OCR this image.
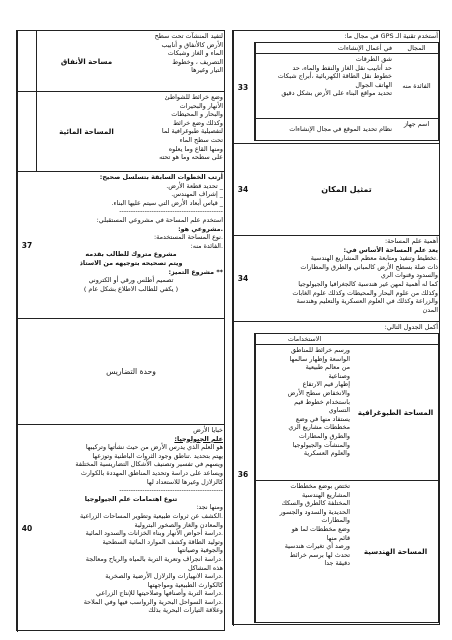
مساحة الأنفاق

لتفيد المنشآت تحت سطح

الأرض كالأنفاق و أنابيب

الماء و الغاز وشبكات

التصريف ، وخطوط

التيار وغيرها

المساحة المائية

وضع خرائط للشواطئ

الأنهار والبحيرات

والبحار و المحيطات

وكذلك وضع خرائط

لتفصيلية طبوغرافية لما

تحت سطح الماء

ومنها القاع وما يعلوه

على سطحه وما هو تحته

37

أرتب الخطوات السابقة بتسلسل صحيح:

_ تحديد قطعة الأرض.

_ إشراف المهندس.

_ قياس أبعاد الأرض التي سيتم عليها البناء.

---------------------------------------------

استخدم علم المساحة في مشروعي المستقبلي:

.مشروعي هو:

.نوع المساحة المستخدمة:

.الفائدة منه:

مشروع متروك للطالب بقدمه

ويتم تصحيحه بتوجيهه من الاستاذ

** مشروع التميز:

تصميم أطلس ورقي أو الكتروني

( يكفي للطالب الاطلاع بشكل عام )

وحدة التضاريس
40

خبايا الأرض

علم الجيولوجيا:

هو العلم الذي يدرس الأرض من حيث نشأتها وتركيبها

يهتم بتحديد .تناطق وجود الثروات الباطنية وتوزعها

ويسهم في تفسير وتصنيف الأشكال التضاريسية المختلفة

ويساعد على دراسة وتحديد المناطق المهددة بالكوارث

كالزلازل وغيرها للاستعداد لها

---------------------------------------------

تنوع اهتمامات علم الجيولوجيا

ومنها نجد:

.الكشف عن ثروات طبيعية وتطوير المساحات الزراعية

والمعادن والغاز والصخور البترولية

.دراسة أحواض الأنهار وبناء الخزانات والسدود المائية

وتوليد الطاقة وكشف الموارد المائية السطحية

والجوفية وصيانتها

.دراسة انجراف وتعرية التربة بالمياه والرياح ومعالجة

هذه المشاكل

.دراسة الانهيارات والزلازل الأرضية والصخرية

كالكوارث الطبيعية ومواجهتها

.دراسة التربة وأصنافها وصلاحيتها للإنتاج الزراعي

.دراسة السواحل البحرية والرواسب فيها وفي الملاحة

وعلاقة التيارات البحرية بذلك

33
أستخدم تقنية الـ GPS في مجال ما:
في أعمال الإنشاءات	المجال

شق الطرقات

حد أنابيب نقل الغاز والنفط والماء، حد

خطوط نقل الطاقة الكهربائية ،أبراج شبكات

الهاتف الجوال

تحديد مواقع البناء على الأرض بشكل دقيق

الفائدة منه
نظام تحديد الموقع في مجال الإنشاءات
اسم جهاز
34	تمثيل المكان
34

أهمية علم المساحة:

يعد علم المساحة الأساس في:

.تخطيط وتنفيذ ومتابعة معظم المشاريع الهندسية

ذات صلة بسطح الأرض كالمباني والطرق والمطارات

والسدود وقنوات الري

كما له أهمية لمهن غير هندسية كالجغرافيا والجيولوجيا

وكذلك من علوم البحار والمحيطات وكذلك علوم الغابات

والزراعة وكذلك في العلوم العسكرية والتعليم وهندسة

المدن

36
أكمل الجدول التالي:
الاستخدامات

ورسم خرائط للمناطق

الواسعة وإظهار سالمها

من معالم طبيعية

وصناعية

إظهار قيم الارتفاع

والانخفاض سطح الأرض

باستخدام خطوط قيم

التساوي

يستفاد منها في وضع

مخططات مشاريع الري

والطرق والمطارات

والمنشآت والجيولوجيا

والعلوم العسكرية

المساحة الطبوغرافية

تختص بوضع مخططات

المشاريع الهندسية

المختلفة كالطرق والسكك

الحديدية والسدود والجسور

والمطارات

وضع مخططات لما هو

قائم منها

ورصد أي تغيرات هندسية

تحدث لها برسم خرائط

دقيقة جدا

المساحة الهندسية
